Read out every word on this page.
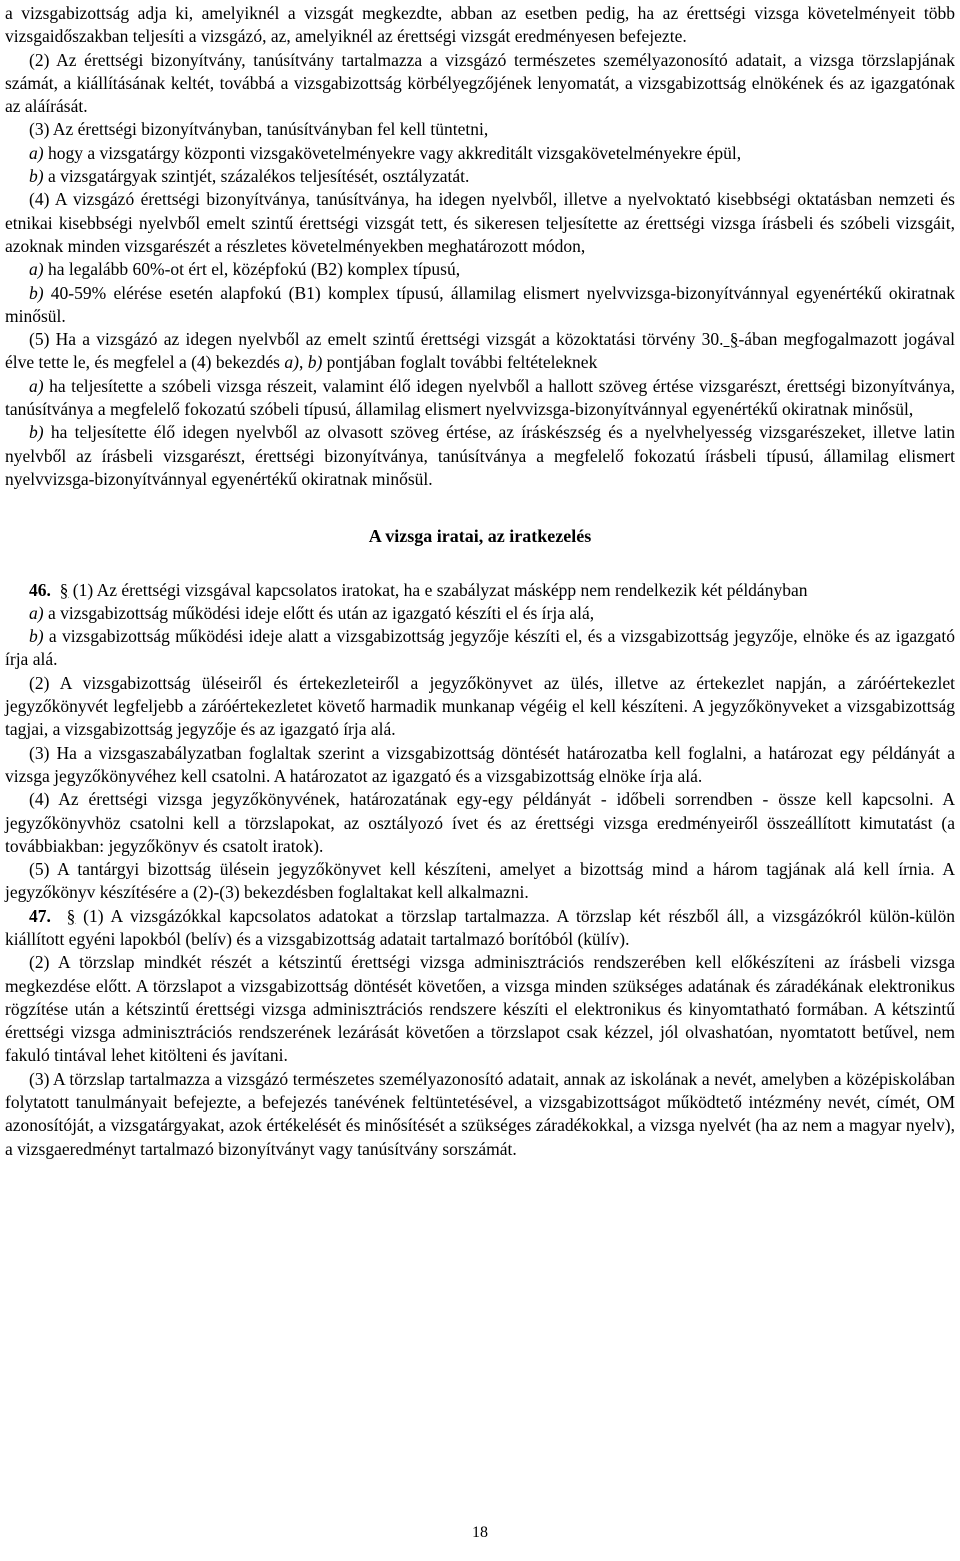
a vizsgabizottság adja ki, amelyiknél a vizsgát megkezdte, abban az esetben pedig, ha az érettségi vizsga követelményeit több vizsgaidőszakban teljesíti a vizsgázó, az, amelyiknél az érettségi vizsgát eredményesen befejezte.

(2) Az érettségi bizonyítvány, tanúsítvány tartalmazza a vizsgázó természetes személyazonosító adatait, a vizsga törzslapjának számát, a kiállításának keltét, továbbá a vizsgabizottság körbélyegzőjének lenyomatát, a vizsgabizottság elnökének és az igazgatónak az aláírását.

(3) Az érettségi bizonyítványban, tanúsítványban fel kell tüntetni,

a) hogy a vizsgatárgy központi vizsgakövetelményekre vagy akkreditált vizsgakövetelményekre épül,

b) a vizsgatárgyak szintjét, százalékos teljesítését, osztályzatát.

(4) A vizsgázó érettségi bizonyítványa, tanúsítványa, ha idegen nyelvből, illetve a nyelvoktató kisebbségi oktatásban nemzeti és etnikai kisebbségi nyelvből emelt szintű érettségi vizsgát tett, és sikeresen teljesítette az érettségi vizsga írásbeli és szóbeli vizsgáit, azoknak minden vizsgarészét a részletes követelményekben meghatározott módon,

a) ha legalább 60%-ot ért el, középfokú (B2) komplex típusú,

b) 40-59% elérése esetén alapfokú (B1) komplex típusú, államilag elismert nyelvvizsga-bizonyítvánnyal egyenértékű okiratnak minősül.

(5) Ha a vizsgázó az idegen nyelvből az emelt szintű érettségi vizsgát a közoktatási törvény 30. §-ában megfogalmazott jogával élve tette le, és megfelel a (4) bekezdés a), b) pontjában foglalt további feltételeknek

a) ha teljesítette a szóbeli vizsga részeit, valamint élő idegen nyelvből a hallott szöveg értése vizsgarészt, érettségi bizonyítványa, tanúsítványa a megfelelő fokozatú szóbeli típusú, államilag elismert nyelvvizsga-bizonyítvánnyal egyenértékű okiratnak minősül,

b) ha teljesítette élő idegen nyelvből az olvasott szöveg értése, az íráskészség és a nyelvhelyesség vizsgarészeket, illetve latin nyelvből az írásbeli vizsgarészt, érettségi bizonyítványa, tanúsítványa a megfelelő fokozatú írásbeli típusú, államilag elismert nyelvvizsga-bizonyítvánnyal egyenértékű okiratnak minősül.

A vizsga iratai, az iratkezelés

46. § (1) Az érettségi vizsgával kapcsolatos iratokat, ha e szabályzat másképp nem rendelkezik két példányban

a) a vizsgabizottság működési ideje előtt és után az igazgató készíti el és írja alá,

b) a vizsgabizottság működési ideje alatt a vizsgabizottság jegyzője készíti el, és a vizsgabizottság jegyzője, elnöke és az igazgató írja alá.

(2) A vizsgabizottság üléseiről és értekezleteiről a jegyzőkönyvet az ülés, illetve az értekezlet napján, a záróértekezlet jegyzőkönyvét legfeljebb a záróértekezletet követő harmadik munkanap végéig el kell készíteni. A jegyzőkönyveket a vizsgabizottság tagjai, a vizsgabizottság jegyzője és az igazgató írja alá.

(3) Ha a vizsgaszabályzatban foglaltak szerint a vizsgabizottság döntését határozatba kell foglalni, a határozat egy példányát a vizsga jegyzőkönyvéhez kell csatolni. A határozatot az igazgató és a vizsgabizottság elnöke írja alá.

(4) Az érettségi vizsga jegyzőkönyvének, határozatának egy-egy példányát - időbeli sorrendben - össze kell kapcsolni. A jegyzőkönyvhöz csatolni kell a törzslapokat, az osztályozó ívet és az érettségi vizsga eredményeiről összeállított kimutatást (a továbbiakban: jegyzőkönyv és csatolt iratok).

(5) A tantárgyi bizottság ülésein jegyzőkönyvet kell készíteni, amelyet a bizottság mind a három tagjának alá kell írnia. A jegyzőkönyv készítésére a (2)-(3) bekezdésben foglaltakat kell alkalmazni.

47. § (1) A vizsgázókkal kapcsolatos adatokat a törzslap tartalmazza. A törzslap két részből áll, a vizsgázókról külön-külön kiállított egyéni lapokból (belív) és a vizsgabizottság adatait tartalmazó borítóból (külív).

(2) A törzslap mindkét részét a kétszintű érettségi vizsga adminisztrációs rendszerében kell előkészíteni az írásbeli vizsga megkezdése előtt. A törzslapot a vizsgabizottság döntését követően, a vizsga minden szükséges adatának és záradékának elektronikus rögzítése után a kétszintű érettségi vizsga adminisztrációs rendszere készíti el elektronikus és kinyomtatható formában. A kétszintű érettségi vizsga adminisztrációs rendszerének lezárását követően a törzslapot csak kézzel, jól olvashatóan, nyomtatott betűvel, nem fakuló tintával lehet kitölteni és javítani.

(3) A törzslap tartalmazza a vizsgázó természetes személyazonosító adatait, annak az iskolának a nevét, amelyben a középiskolában folytatott tanulmányait befejezte, a befejezés tanévének feltüntetésével, a vizsgabizottságot működtető intézmény nevét, címét, OM azonosítóját, a vizsgatárgyakat, azok értékelését és minősítését a szükséges záradékokkal, a vizsga nyelvét (ha az nem a magyar nyelv), a vizsgaeredményt tartalmazó bizonyítványt vagy tanúsítvány sorszámát.

18
